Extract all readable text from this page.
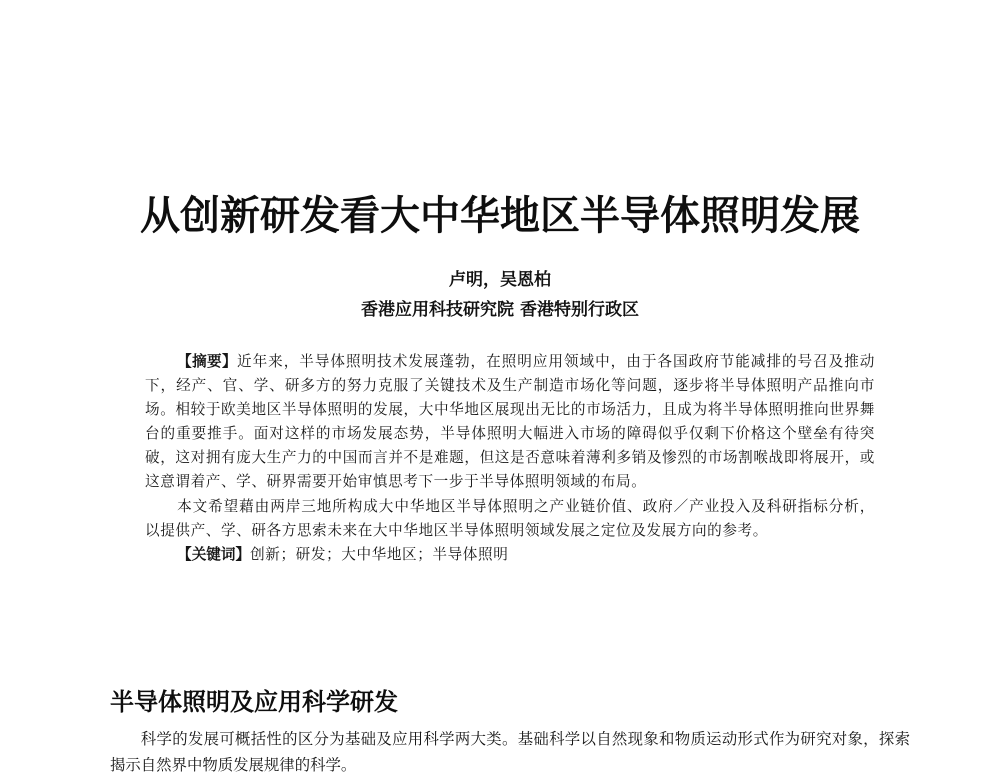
从创新研发看大中华地区半导体照明发展
卢明，吴恩柏
香港应用科技研究院 香港特别行政区

【摘要】近年来，半导体照明技术发展蓬勃，在照明应用领域中，由于各国政府节能减排的号召及推动下，经产、官、学、研多方的努力克服了关键技术及生产制造市场化等问题，逐步将半导体照明产品推向市场。相较于欧美地区半导体照明的发展，大中华地区展现出无比的市场活力，且成为将半导体照明推向世界舞台的重要推手。面对这样的市场发展态势，半导体照明大幅进入市场的障碍似乎仅剩下价格这个壁垒有待突破，这对拥有庞大生产力的中国而言并不是难题，但这是否意味着薄利多销及惨烈的市场割喉战即将展开，或这意谓着产、学、研界需要开始审慎思考下一步于半导体照明领域的布局。

本文希望藉由两岸三地所构成大中华地区半导体照明之产业链价值、政府／产业投入及科研指标分析，以提供产、学、研各方思索未来在大中华地区半导体照明领域发展之定位及发展方向的参考。

【关键词】创新；研发；大中华地区；半导体照明
半导体照明及应用科学研发

科学的发展可概括性的区分为基础及应用科学两大类。基础科学以自然现象和物质运动形式作为研究对象，探索揭示自然界中物质发展规律的科学。
